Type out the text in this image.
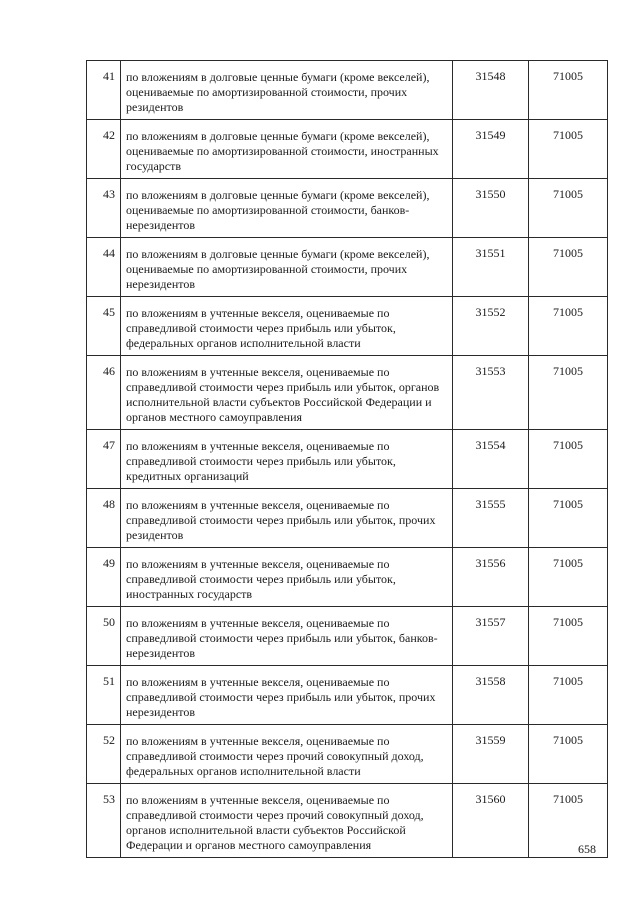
41	по вложениям в долговые ценные бумаги (кроме векселей), оцениваемые по амортизированной стоимости, прочих резидентов	31548	71005
42	по вложениям в долговые ценные бумаги (кроме векселей), оцениваемые по амортизированной стоимости, иностранных государств	31549	71005
43	по вложениям в долговые ценные бумаги (кроме векселей), оцениваемые по амортизированной стоимости, банков-нерезидентов	31550	71005
44	по вложениям в долговые ценные бумаги (кроме векселей), оцениваемые по амортизированной стоимости, прочих нерезидентов	31551	71005
45	по вложениям в учтенные векселя, оцениваемые по справедливой стоимости через прибыль или убыток, федеральных органов исполнительной власти	31552	71005
46	по вложениям в учтенные векселя, оцениваемые по справедливой стоимости через прибыль или убыток, органов исполнительной власти субъектов Российской Федерации и органов местного самоуправления	31553	71005
47	по вложениям в учтенные векселя, оцениваемые по справедливой стоимости через прибыль или убыток, кредитных организаций	31554	71005
48	по вложениям в учтенные векселя, оцениваемые по справедливой стоимости через прибыль или убыток, прочих резидентов	31555	71005
49	по вложениям в учтенные векселя, оцениваемые по справедливой стоимости через прибыль или убыток, иностранных государств	31556	71005
50	по вложениям в учтенные векселя, оцениваемые по справедливой стоимости через прибыль или убыток, банков-нерезидентов	31557	71005
51	по вложениям в учтенные векселя, оцениваемые по справедливой стоимости через прибыль или убыток, прочих нерезидентов	31558	71005
52	по вложениям в учтенные векселя, оцениваемые по справедливой стоимости через прочий совокупный доход, федеральных органов исполнительной власти	31559	71005
53	по вложениям в учтенные векселя, оцениваемые по справедливой стоимости через прочий совокупный доход, органов исполнительной власти субъектов Российской Федерации и органов местного самоуправления	31560	71005
658
